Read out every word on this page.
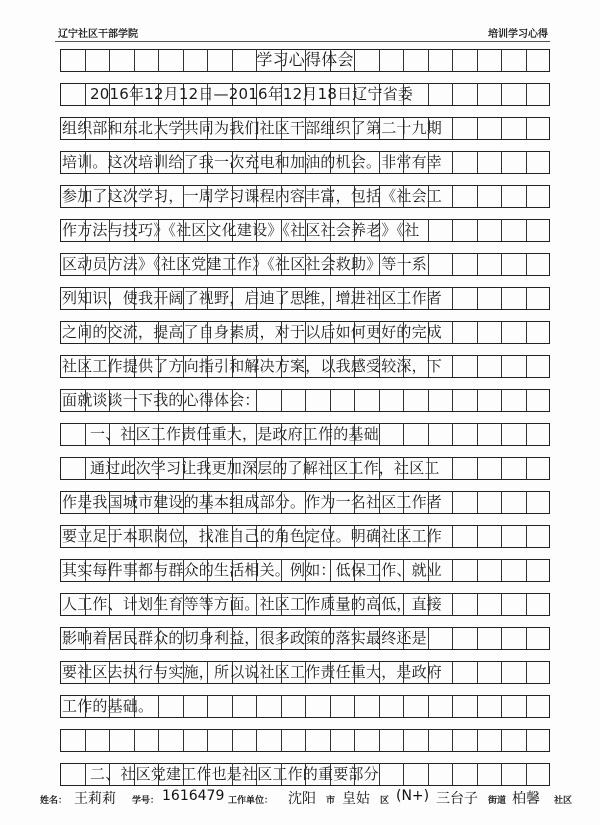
辽宁社区干部学院	培训学习心得
学习心得体会
2016年12月12日—2016年12月18日辽宁省委
组织部和东北大学共同为我们社区干部组织了第二十九期
培训。这次培训给了我一次充电和加油的机会。非常有幸
参加了这次学习，一周学习课程内容丰富，包括《社会工
作方法与技巧》《社区文化建设》《社区社会养老》《社
区动员方法》《社区党建工作》《社区社会救助》等一系
列知识，使我开阔了视野，启迪了思维，增进社区工作者
之间的交流，提高了自身素质，对于以后如何更好的完成
社区工作提供了方向指引和解决方案，以我感受较深，下
面就谈谈一下我的心得体会：
一、社区工作责任重大，是政府工作的基础
通过此次学习让我更加深层的了解社区工作，社区工
作是我国城市建设的基本组成部分。作为一名社区工作者
要立足于本职岗位，找准自己的角色定位。明确社区工作
其实每件事都与群众的生活相关。例如：低保工作、就业
人工作、计划生育等等方面。社区工作质量的高低，直接
影响着居民群众的切身利益，很多政策的落实最终还是
要社区去执行与实施，所以说社区工作责任重大，是政府
工作的基础。
二、社区党建工作也是社区工作的重要部分
姓名： 王莉莉 学号： 1616479 工作单位： 沈阳 市 皇姑 区 (N+) 三台子 街道 柏馨 社区
